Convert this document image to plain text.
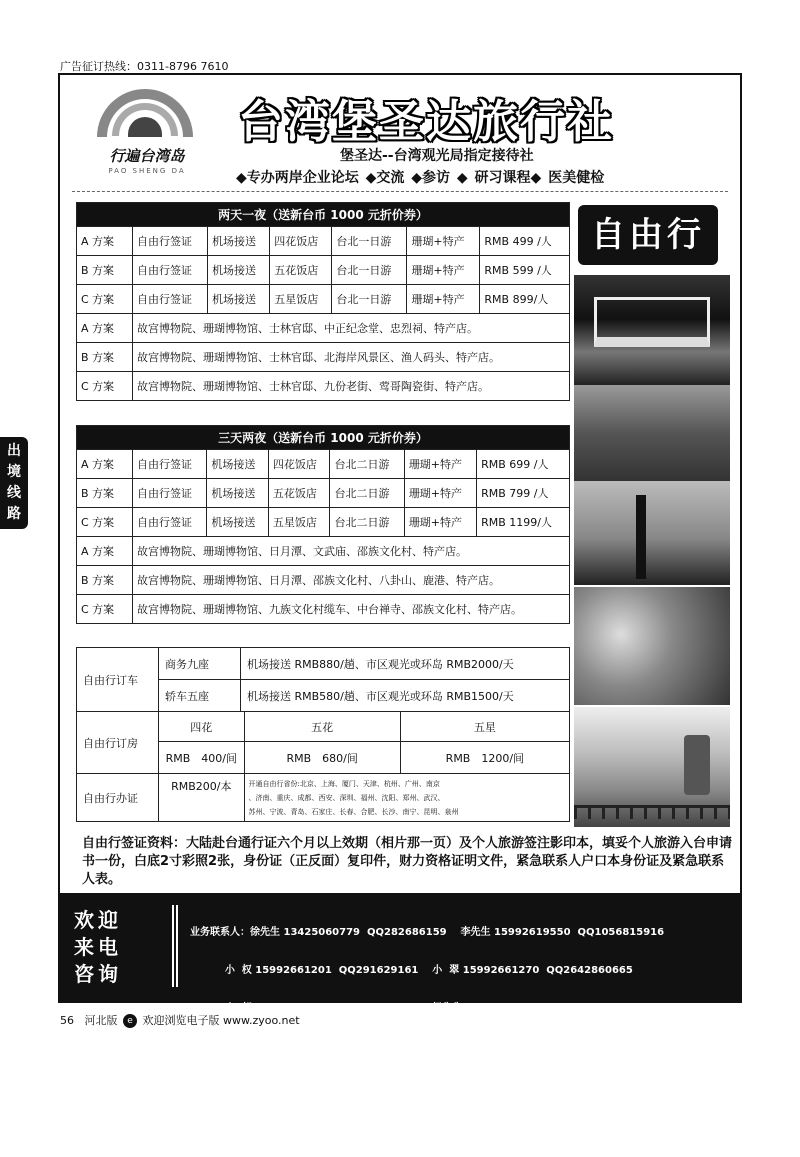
广告征订热线：0311-8796 7610
行遍台湾岛
PAO SHENG DA
台湾堡圣达旅行社
堡圣达--台湾观光局指定接待社
◆专办两岸企业论坛 ◆交流 ◆参访 ◆ 研习课程◆ 医美健检
两天一夜（送新台币 1000 元折价券）						
A 方案	自由行签证	机场接送	四花饭店	台北一日游	珊瑚+特产	RMB 499 /人
B 方案	自由行签证	机场接送	五花饭店	台北一日游	珊瑚+特产	RMB 599 /人
C 方案	自由行签证	机场接送	五星饭店	台北一日游	珊瑚+特产	RMB 899/人
A 方案	故宫博物院、珊瑚博物馆、士林官邸、中正纪念堂、忠烈祠、特产店。					
B 方案	故宫博物院、珊瑚博物馆、士林官邸、北海岸风景区、渔人码头、特产店。					
C 方案	故宫博物院、珊瑚博物馆、士林官邸、九份老街、莺哥陶瓷街、特产店。					
三天两夜（送新台币 1000 元折价券）						
A 方案	自由行签证	机场接送	四花饭店	台北二日游	珊瑚+特产	RMB 699 /人
B 方案	自由行签证	机场接送	五花饭店	台北二日游	珊瑚+特产	RMB 799 /人
C 方案	自由行签证	机场接送	五星饭店	台北二日游	珊瑚+特产	RMB 1199/人
A 方案	故宫博物院、珊瑚博物馆、日月潭、文武庙、邵族文化村、特产店。					
B 方案	故宫博物院、珊瑚博物馆、日月潭、邵族文化村、八卦山、鹿港、特产店。					
C 方案	故宫博物院、珊瑚博物馆、九族文化村缆车、中台禅寺、邵族文化村、特产店。					
自由行订车	商务九座	机场接送 RMB880/趟、市区观光或环岛 RMB2000/天		
	轿车五座	机场接送 RMB580/趟、市区观光或环岛 RMB1500/天		
自由行订房	四花		五花	五星
	RMB　400/间		RMB　680/间	RMB　1200/间
自由行办证	RMB200/本		开通自由行省份:北京、上海、厦门、天津、杭州、广州、南京
、济南、重庆、成都、西安、深圳、福州、沈阳、郑州、武汉、
苏州、宁波、青岛、石家庄、长春、合肥、长沙、南宁、昆明、泉州	
自由行
自由行签证资料：大陆赴台通行证六个月以上效期（相片那一页）及个人旅游签注影印本，填妥个人旅游入台申请书一份，白底2寸彩照2张，身份证（正反面）复印件，财力资格证明文件，紧急联系人户口本身份证及紧急联系人表。
欢迎
来电
咨询

业务联系人：徐先生 13425060779  QQ282686159    李先生 15992619550  QQ1056815916

小  权 15992661201  QQ291629161    小  翠 15992661270  QQ2642860665

小  胡 13622963058  QQ369484539    杨先生 18926941898  QQ2517280300

大陆负责人：徐小姐 13923362830  QQ228808316

联系人：蔡长荣 董事长00886-23658133 台湾手机 00886-978321908

台湾公司地址：台北市罗斯福路三段231号5楼之2 网址：http://www.golfer.com.tw/

出
境
线
路
56 河北版 e 欢迎浏览电子版 www.zyoo.net
